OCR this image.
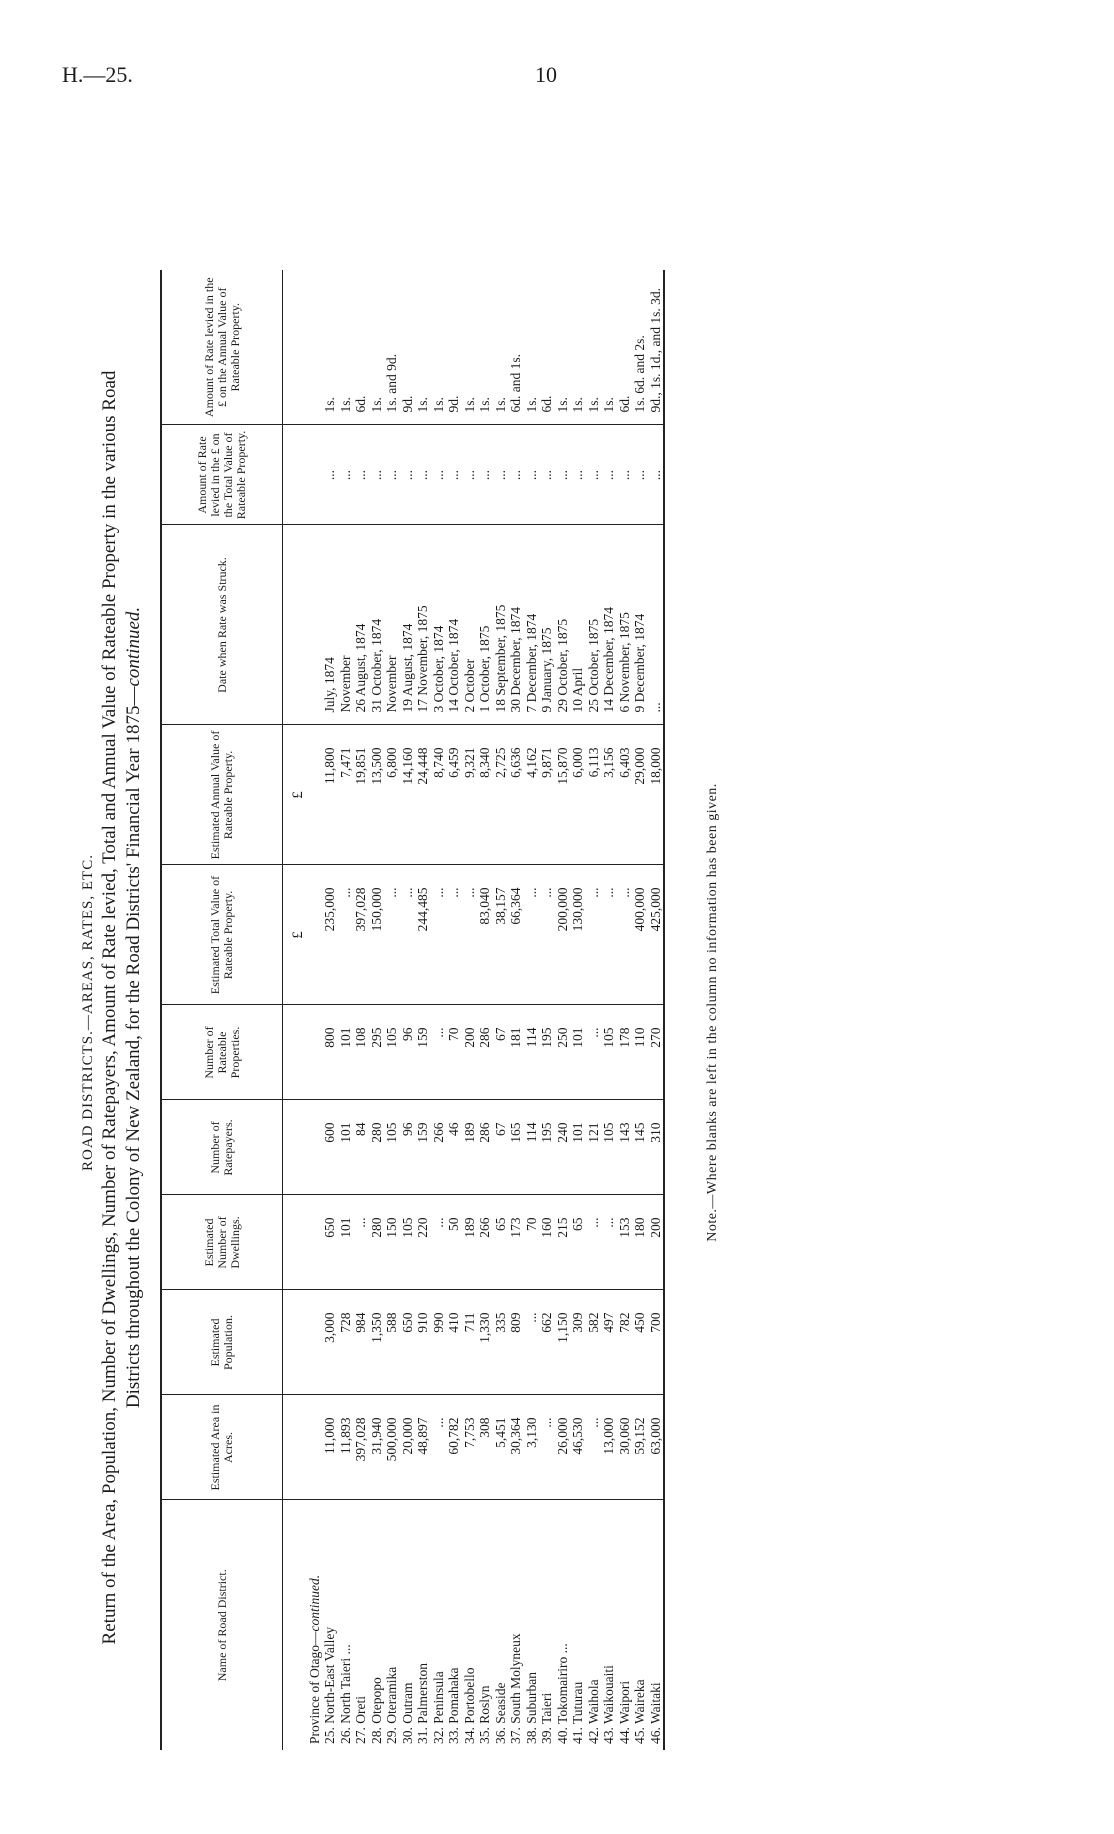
H.—25.	10
ROAD DISTRICTS.—AREAS, RATES, ETC. Return of the Area, Population, Number of Dwellings, Number of Ratepayers, Amount of Rate levied, Total and Annual Value of Rateable Property in the various Road Districts throughout the Colony of New Zealand, for the Road Districts' Financial Year 1875—continued.
Name of Road District.	Estimated Area in Acres.	Estimated Population.	Estimated Number of Dwellings.	Number of Ratepayers.	Number of Rateable Properties.	Estimated Total Value of Rateable Property.	Estimated Annual Value of Rateable Property.	Date when Rate was Struck.	Amount of Rate levied in the £ on the Total Value of Rateable Property.	Amount of Rate levied in the £ on the Annual Value of Rateable Property.
						£	£			
Province of Otago—continued.										
25. North-East Valley	11,000	3,000	650	600	800	235,000	11,800	July, 1874	...	1s.
26. North Taieri ...	11,893	728	101	101	101	...	7,471	November	...	1s.
27. Oreti	397,028	984	...	84	108	397,028	19,851	26 August, 1874	...	6d.
28. Otepopo	31,940	1,350	280	280	295	150,000	13,500	31 October, 1874	...	1s.
29. Oteramika	500,000	588	150	105	105	...	6,800	November	...	1s. and 9d.
30. Outram	20,000	650	105	96	96	...	14,160	19 August, 1874	...	9d.
31. Palmerston	48,897	910	220	159	159	244,485	24,448	17 November, 1875	...	1s.
32. Peninsula	...	990	...	266	...	...	8,740	3 October, 1874	...	1s.
33. Pomahaka	60,782	410	50	46	70	...	6,459	14 October, 1874	...	9d.
34. Portobello	7,753	711	189	189	200	...	9,321	2 October	...	1s.
35. Roslyn	308	1,330	266	286	286	83,040	8,340	1 October, 1875	...	1s.
36. Seaside	5,451	335	65	67	67	38,157	2,725	18 September, 1875	...	1s.
37. South Molyneux	30,364	809	173	165	181	66,364	6,636	30 December, 1874	...	6d. and 1s.
38. Suburban	3,130	...	70	114	114	...	4,162	7 December, 1874	...	1s.
39. Taieri	...	662	160	195	195	...	9,871	9 January, 1875	...	6d.
40. Tokomairiro ...	26,000	1,150	215	240	250	200,000	15,870	29 October, 1875	...	1s.
41. Tuturau	46,530	309	65	101	101	130,000	6,000	10 April	...	1s.
42. Waihola	...	582	...	121	...	...	6,113	25 October, 1875	...	1s.
43. Waikouaiti	13,000	497	...	105	105	...	3,156	14 December, 1874	...	1s.
44. Waipori	30,060	782	153	143	178	...	6,403	6 November, 1875	...	6d.
45. Waireka	59,152	450	180	145	110	400,000	29,000	9 December, 1874	...	1s. 6d. and 2s.
46. Waitaki	63,000	700	200	310	270	425,000	18,000	...	...	9d., 1s. 1d., and 1s. 3d.
Note.—Where blanks are left in the column no information has been given.
